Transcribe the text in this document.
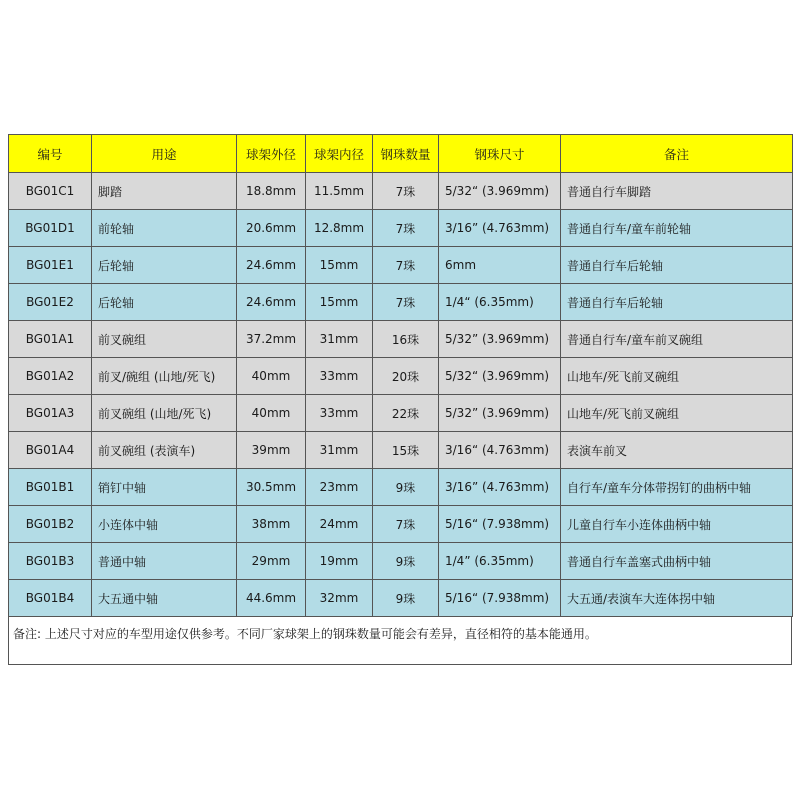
编号	用途	球架外径	球架内径	钢珠数量	钢珠尺寸	备注
BG01C1	脚踏	18.8mm	11.5mm	7珠	5/32“ (3.969mm)	普通自行车脚踏
BG01D1	前轮轴	20.6mm	12.8mm	7珠	3/16” (4.763mm)	普通自行车/童车前轮轴
BG01E1	后轮轴	24.6mm	15mm	7珠	6mm	普通自行车后轮轴
BG01E2	后轮轴	24.6mm	15mm	7珠	1/4“ (6.35mm)	普通自行车后轮轴
BG01A1	前叉碗组	37.2mm	31mm	16珠	5/32” (3.969mm)	普通自行车/童车前叉碗组
BG01A2	前叉/碗组 (山地/死飞)	40mm	33mm	20珠	5/32“ (3.969mm)	山地车/死飞前叉碗组
BG01A3	前叉碗组 (山地/死飞)	40mm	33mm	22珠	5/32” (3.969mm)	山地车/死飞前叉碗组
BG01A4	前叉碗组 (表演车)	39mm	31mm	15珠	3/16“ (4.763mm)	表演车前叉
BG01B1	销钉中轴	30.5mm	23mm	9珠	3/16” (4.763mm)	自行车/童车分体带拐钉的曲柄中轴
BG01B2	小连体中轴	38mm	24mm	7珠	5/16“ (7.938mm)	儿童自行车小连体曲柄中轴
BG01B3	普通中轴	29mm	19mm	9珠	1/4” (6.35mm)	普通自行车盖塞式曲柄中轴
BG01B4	大五通中轴	44.6mm	32mm	9珠	5/16“ (7.938mm)	大五通/表演车大连体拐中轴
备注: 上述尺寸对应的车型用途仅供参考。不同厂家球架上的钢珠数量可能会有差异，直径相符的基本能通用。
